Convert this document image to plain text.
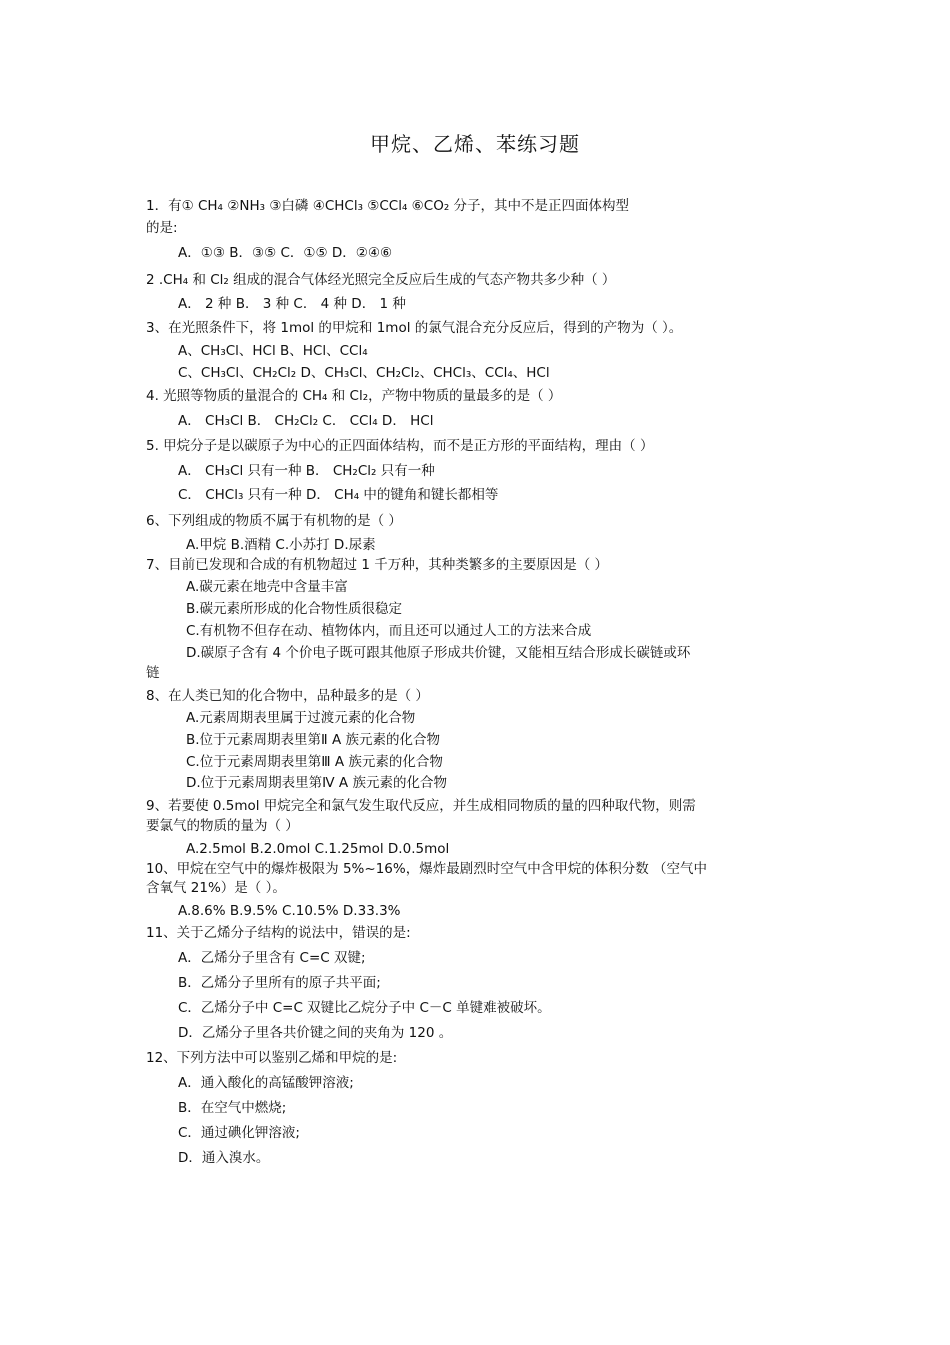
甲烷、乙烯、苯练习题
1．有① CH₄ ②NH₃ ③白磷 ④CHCl₃ ⑤CCl₄ ⑥CO₂ 分子，其中不是正四面体构型
的是:
A．①③ B．③⑤ C．①⑤ D．②④⑥
2 .CH₄ 和 Cl₂ 组成的混合气体经光照完全反应后生成的气态产物共多少种（ ）
A． 2 种 B． 3 种 C． 4 种 D． 1 种
3、在光照条件下，将 1mol 的甲烷和 1mol 的氯气混合充分反应后，得到的产物为（ ）。
A、CH₃Cl、HCl B、HCl、CCl₄
C、CH₃Cl、CH₂Cl₂ D、CH₃Cl、CH₂Cl₂、CHCl₃、CCl₄、HCl
4. 光照等物质的量混合的 CH₄ 和 Cl₂，产物中物质的量最多的是（ ）
A． CH₃Cl B． CH₂Cl₂ C． CCl₄ D． HCl
5. 甲烷分子是以碳原子为中心的正四面体结构，而不是正方形的平面结构，理由（ ）
A． CH₃Cl 只有一种 B． CH₂Cl₂ 只有一种
C． CHCl₃ 只有一种 D． CH₄ 中的键角和键长都相等
6、下列组成的物质不属于有机物的是（ ）
A.甲烷 B.酒精 C.小苏打 D.尿素
7、目前已发现和合成的有机物超过 1 千万种，其种类繁多的主要原因是（ ）
A.碳元素在地壳中含量丰富
B.碳元素所形成的化合物性质很稳定
C.有机物不但存在动、植物体内，而且还可以通过人工的方法来合成
D.碳原子含有 4 个价电子既可跟其他原子形成共价键，又能相互结合形成长碳链或环
链
8、在人类已知的化合物中，品种最多的是（ ）
A.元素周期表里属于过渡元素的化合物
B.位于元素周期表里第Ⅱ A 族元素的化合物
C.位于元素周期表里第Ⅲ A 族元素的化合物
D.位于元素周期表里第Ⅳ A 族元素的化合物
9、若要使 0.5mol 甲烷完全和氯气发生取代反应，并生成相同物质的量的四种取代物，则需
要氯气的物质的量为（ ）
A.2.5mol B.2.0mol C.1.25mol D.0.5mol
10、甲烷在空气中的爆炸极限为 5%~16%，爆炸最剧烈时空气中含甲烷的体积分数 （空气中
含氧气 21%）是（ ）。
A.8.6% B.9.5% C.10.5% D.33.3%
11、关于乙烯分子结构的说法中，错误的是:
A．乙烯分子里含有 C=C 双键;
B．乙烯分子里所有的原子共平面;
C．乙烯分子中 C=C 双键比乙烷分子中 C－C 单键难被破坏。
D．乙烯分子里各共价键之间的夹角为 120 。
12、下列方法中可以鉴别乙烯和甲烷的是:
A．通入酸化的高锰酸钾溶液;
B．在空气中燃烧;
C．通过碘化钾溶液;
D．通入溴水。
